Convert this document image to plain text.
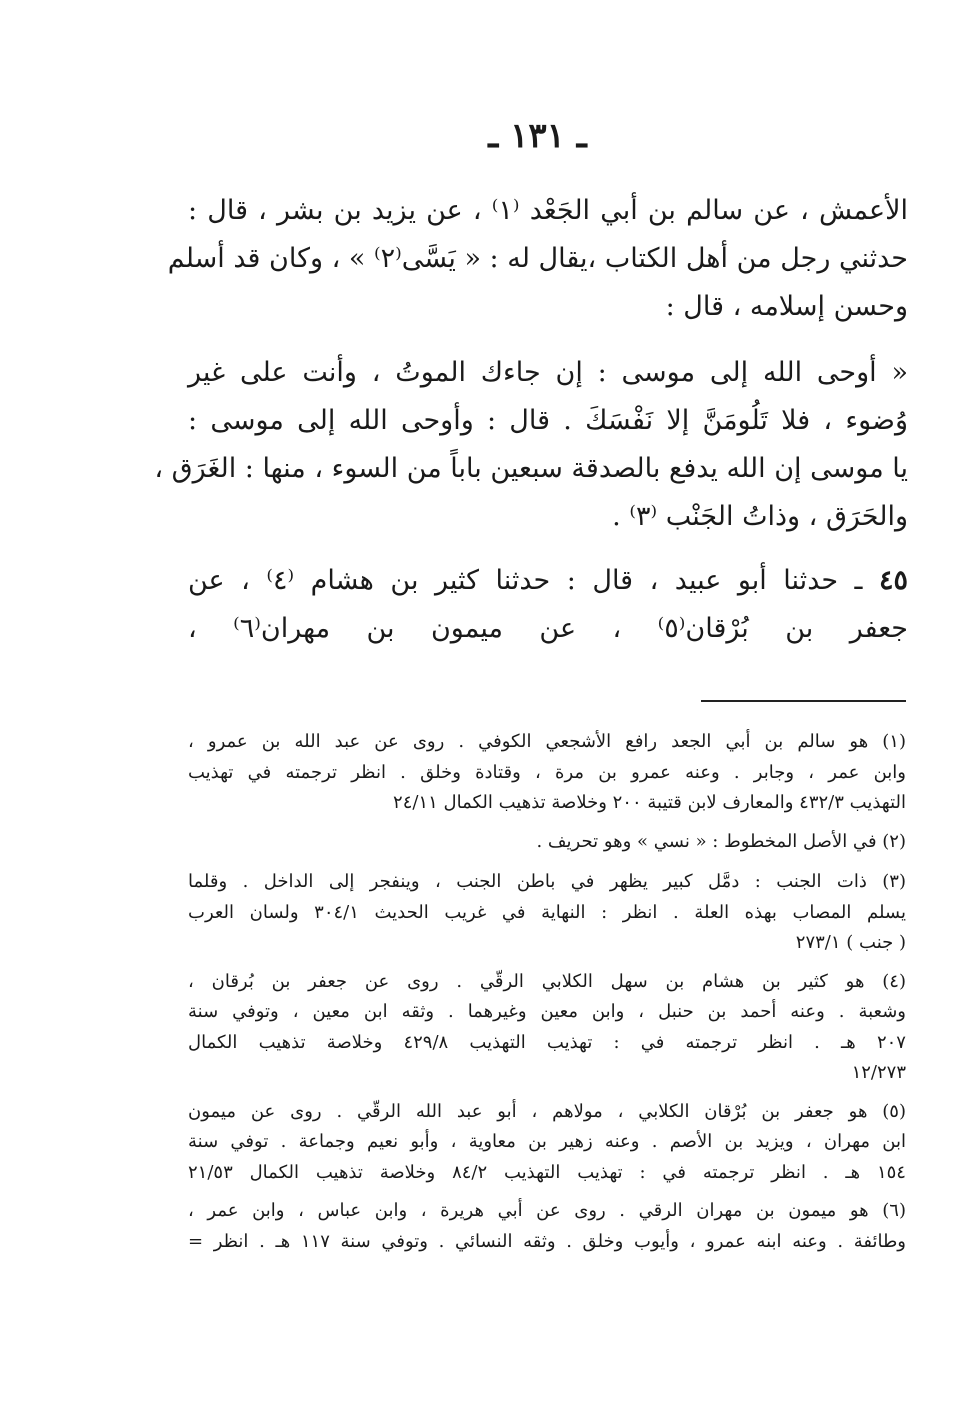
ـ ١٣١ ـ
الأعمش ، عن سالم بن أبي الجَعْد ⁽١⁾ ، عن يزيد بن بشر ، قال :
حدثني رجل من أهل الكتاب ،يقال له : « يَسَّى⁽٢⁾ » ، وكان قد أسلم
وحسن إسلامه ، قال :
« أوحى الله إلى موسى : إن جاءك الموتُ ، وأنت على غير
وُضوء ، فلا تَلُومَنَّ إلا نَفْسَكَ . قال : وأوحى الله إلى موسى :
يا موسى إن الله يدفع بالصدقة سبعين باباً من السوء ، منها : الغَرَق ،
والحَرَق ، وذاتُ الجَنْب ⁽٣⁾ .
٤٥ ـ حدثنا أبو عبيد ، قال : حدثنا كثير بن هشام ⁽٤⁾ ، عن
جعفر بن بُرْقان⁽٥⁾ ، عن ميمون بن مهران⁽٦⁾ ،
(١) هو سالم بن أبي الجعد رافع الأشجعي الكوفي . روى عن عبد الله بن عمرو ،
وابن عمر ، وجابر . وعنه عمرو بن مرة ، وقتادة وخلق . انظر ترجمته في تهذيب
التهذيب ٤٣٢/٣ والمعارف لابن قتيبة ٢٠٠ وخلاصة تذهيب الكمال ٢٤/١١
(٢) في الأصل المخطوط : « نسي » وهو تحريف .
(٣) ذات الجنب : دمَّل كبير يظهر في باطن الجنب ، وينفجر إلى الداخل . وقلما
يسلم المصاب بهذه العلة . انظر : النهاية في غريب الحديث ٣٠٤/١ ولسان العرب
( جنب ) ٢٧٣/١
(٤) هو كثير بن هشام بن سهل الكلابي الرقّي . روى عن جعفر بن بُرقان ،
وشعبة . وعنه أحمد بن حنبل ، وابن معين وغيرهما . وثقه ابن معين ، وتوفي سنة
٢٠٧ هـ . انظر ترجمته في : تهذيب التهذيب ٤٢٩/٨ وخلاصة تذهيب الكمال
١٢/٢٧٣
(٥) هو جعفر بن بُرْقان الكلابي ، مولاهم ، أبو عبد الله الرقّي . روى عن ميمون
ابن مهران ، ويزيد بن الأصم . وعنه زهير بن معاوية ، وأبو نعيم وجماعة . توفي سنة
١٥٤ هـ . انظر ترجمته في : تهذيب التهذيب ٨٤/٢ وخلاصة تذهيب الكمال ٢١/٥٣
(٦) هو ميمون بن مهران الرقي . روى عن أبي هريرة ، وابن عباس ، وابن عمر ،
وطائفة . وعنه ابنه عمرو ، وأيوب وخلق . وثقه النسائي . وتوفي سنة ١١٧ هـ . انظر =
